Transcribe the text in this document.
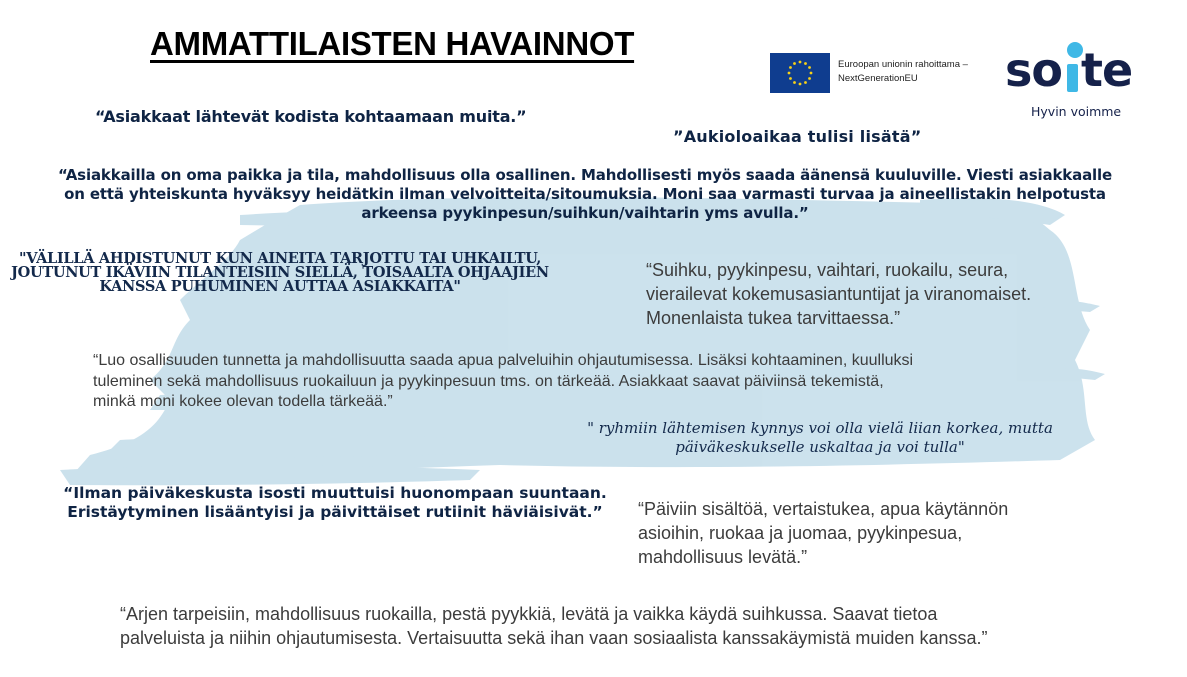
AMMATTILAISTEN HAVAINNOT
Euroopan unionin rahoittama –
NextGenerationEU	so te
Hyvin voimme
“Asiakkaat lähtevät kodista kohtaamaan muita.”
”Aukioloaikaa tulisi lisätä”
“Asiakkailla on oma paikka ja tila, mahdollisuus olla osallinen. Mahdollisesti myös saada äänensä kuuluville. Viesti asiakkaalle
on että yhteiskunta hyväksyy heidätkin ilman velvoitteita/sitoumuksia. Moni saa varmasti turvaa ja aineellistakin helpotusta
arkeensa pyykinpesun/suihkun/vaihtarin yms avulla.”
"VÄLILLÄ AHDISTUNUT KUN AINEITA TARJOTTU TAI UHKAILTU,
JOUTUNUT IKÄVIIN TILANTEISIIN SIELLÄ, TOISAALTA OHJAAJIEN
KANSSA PUHUMINEN AUTTAA ASIAKKAITA"
“Suihku, pyykinpesu, vaihtari, ruokailu, seura,
vierailevat kokemusasiantuntijat ja viranomaiset.
Monenlaista tukea tarvittaessa.”
“Luo osallisuuden tunnetta ja mahdollisuutta saada apua palveluihin ohjautumisessa. Lisäksi kohtaaminen, kuulluksi
tuleminen sekä mahdollisuus ruokailuun ja pyykinpesuun tms. on tärkeää. Asiakkaat saavat päiviinsä tekemistä,
minkä moni kokee olevan todella tärkeää.”
" ryhmiin lähtemisen kynnys voi olla vielä liian korkea, mutta
päiväkeskukselle uskaltaa ja voi tulla"
“Ilman päiväkeskusta isosti muuttuisi huonompaan suuntaan.
Eristäytyminen lisääntyisi ja päivittäiset rutiinit häviäisivät.”	“Päiviin sisältöä, vertaistukea, apua käytännön
asioihin, ruokaa ja juomaa, pyykinpesua,
mahdollisuus levätä.”
“Arjen tarpeisiin, mahdollisuus ruokailla, pestä pyykkiä, levätä ja vaikka käydä suihkussa. Saavat tietoa
palveluista ja niihin ohjautumisesta. Vertaisuutta sekä ihan vaan sosiaalista kanssakäymistä muiden kanssa.”
